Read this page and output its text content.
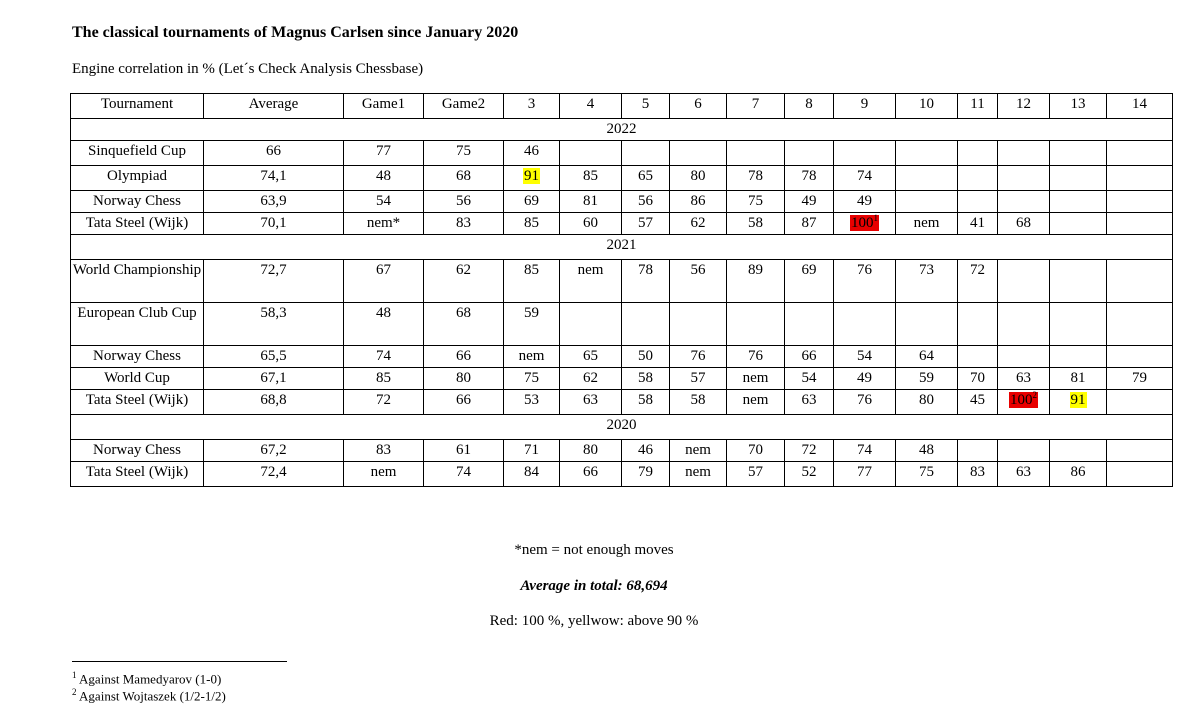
The classical tournaments of Magnus Carlsen since January 2020
Engine correlation in % (Let´s Check Analysis Chessbase)
Tournament	Average	Game1	Game2	3	4	5	6	7	8	9	10	11	12	13	14
2022															
Sinquefield Cup	66	77	75	46											
Olympiad	74,1	48	68	91	85	65	80	78	78	74					
Norway Chess	63,9	54	56	69	81	56	86	75	49	49					
Tata Steel (Wijk)	70,1	nem*	83	85	60	57	62	58	87	$100^1$	nem	41	68		
2021															
World Championship	72,7	67	62	85	nem	78	56	89	69	76	73	72			
European Club Cup	58,3	48	68	59											
Norway Chess	65,5	74	66	nem	65	50	76	76	66	54	64				
World Cup	67,1	85	80	75	62	58	57	nem	54	49	59	70	63	81	79
Tata Steel (Wijk)	68,8	72	66	53	63	58	58	nem	63	76	80	45	$100^2$	91	
2020															
Norway Chess	67,2	83	61	71	80	46	nem	70	72	74	48				
Tata Steel (Wijk)	72,4	nem	74	84	66	79	nem	57	52	77	75	83	63	86	
*nem = not enough moves
Average in total: 68,694
Red: 100 %, yellwow: above 90 %
$^1$ Against Mamedyarov (1-0)
$^2$ Against Wojtaszek (1/2-1/2)
